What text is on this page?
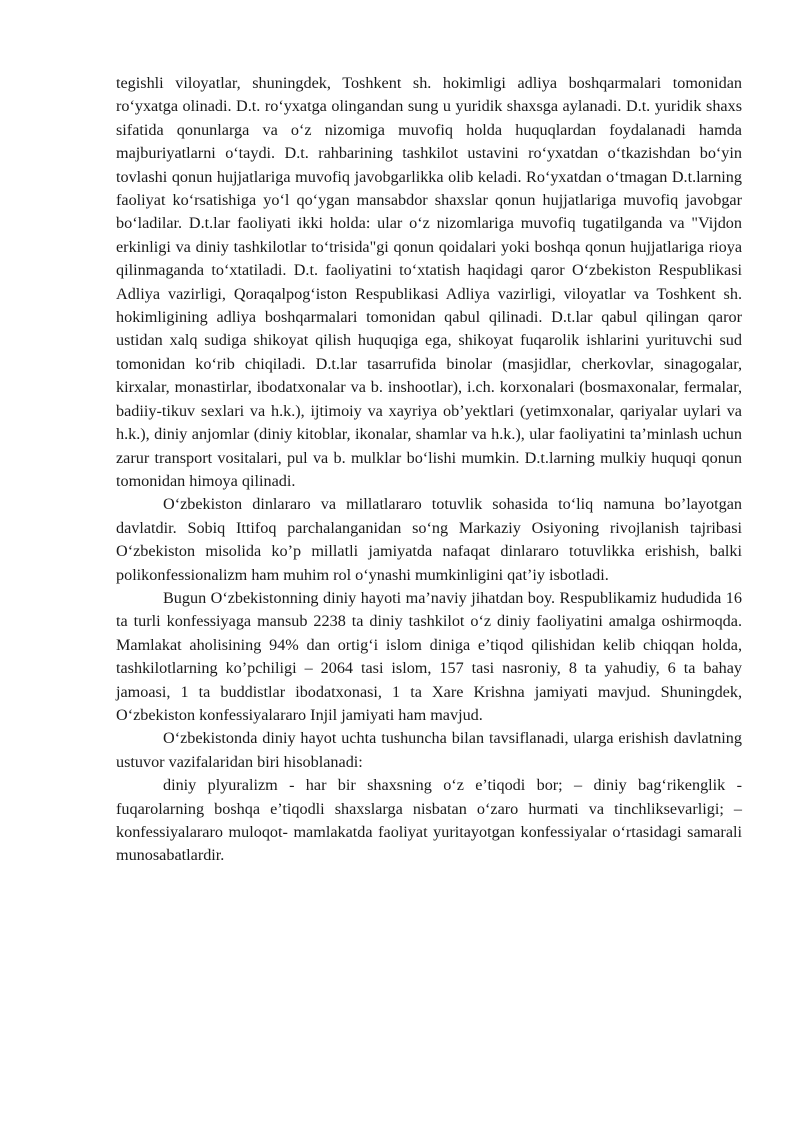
tegishli viloyatlar, shuningdek, Toshkent sh. hokimligi adliya boshqarmalari tomonidan ro‘yxatga olinadi. D.t. ro‘yxatga olingandan sung u yuridik shaxsga aylanadi. D.t. yuridik shaxs sifatida qonunlarga va o‘z nizomiga muvofiq holda huquqlardan foydalanadi hamda majburiyatlarni o‘taydi. D.t. rahbarining tashkilot ustavini ro‘yxatdan o‘tkazishdan bo‘yin tovlashi qonun hujjatlariga muvofiq javobgarlikka olib keladi. Ro‘yxatdan o‘tmagan D.t.larning faoliyat ko‘rsatishiga yo‘l qo‘ygan mansabdor shaxslar qonun hujjatlariga muvofiq javobgar bo‘ladilar. D.t.lar faoliyati ikki holda: ular o‘z nizomlariga muvofiq tugatilganda va "Vijdon erkinligi va diniy tashkilotlar to‘trisida"gi qonun qoidalari yoki boshqa qonun hujjatlariga rioya qilinmaganda to‘xtatiladi. D.t. faoliyatini to‘xtatish haqidagi qaror O‘zbekiston Respublikasi Adliya vazirligi, Qoraqalpog‘iston Respublikasi Adliya vazirligi, viloyatlar va Toshkent sh. hokimligining adliya boshqarmalari tomonidan qabul qilinadi. D.t.lar qabul qilingan qaror ustidan xalq sudiga shikoyat qilish huquqiga ega, shikoyat fuqarolik ishlarini yurituvchi sud tomonidan ko‘rib chiqiladi. D.t.lar tasarrufida binolar (masjidlar, cherkovlar, sinagogalar, kirxalar, monastirlar, ibodatxonalar va b. inshootlar), i.ch. korxonalari (bosmaxonalar, fermalar, badiiy-tikuv sexlari va h.k.), ijtimoiy va xayriya ob’yektlari (yetimxonalar, qariyalar uylari va h.k.), diniy anjomlar (diniy kitoblar, ikonalar, shamlar va h.k.), ular faoliyatini ta’minlash uchun zarur transport vositalari, pul va b. mulklar bo‘lishi mumkin. D.t.larning mulkiy huquqi qonun tomonidan himoya qilinadi.

O‘zbekiston dinlararo va millatlararo totuvlik sohasida to‘liq namuna bo’layotgan davlatdir. Sobiq Ittifoq parchalanganidan so‘ng Markaziy Osiyoning rivojlanish tajribasi O‘zbekiston misolida ko’p millatli jamiyatda nafaqat dinlararo totuvlikka erishish, balki polikonfessionalizm ham muhim rol o‘ynashi mumkinligini qat’iy isbotladi.

Bugun O‘zbekistonning diniy hayoti ma’naviy jihatdan boy. Respublikamiz hududida 16 ta turli konfessiyaga mansub 2238 ta diniy tashkilot o‘z diniy faoliyatini amalga oshirmoqda. Mamlakat aholisining 94% dan ortig‘i islom diniga e’tiqod qilishidan kelib chiqqan holda, tashkilotlarning ko’pchiligi – 2064 tasi islom, 157 tasi nasroniy, 8 ta yahudiy, 6 ta bahay jamoasi, 1 ta buddistlar ibodatxonasi, 1 ta Xare Krishna jamiyati mavjud. Shuningdek, O‘zbekiston konfessiyalararo Injil jamiyati ham mavjud.

O‘zbekistonda diniy hayot uchta tushuncha bilan tavsiflanadi, ularga erishish davlatning ustuvor vazifalaridan biri hisoblanadi:

diniy plyuralizm - har bir shaxsning o‘z e’tiqodi bor; – diniy bag‘rikenglik - fuqarolarning boshqa e’tiqodli shaxslarga nisbatan o‘zaro hurmati va tinchliksevarligi; – konfessiyalararo muloqot- mamlakatda faoliyat yuritayotgan konfessiyalar o‘rtasidagi samarali munosabatlardir.
